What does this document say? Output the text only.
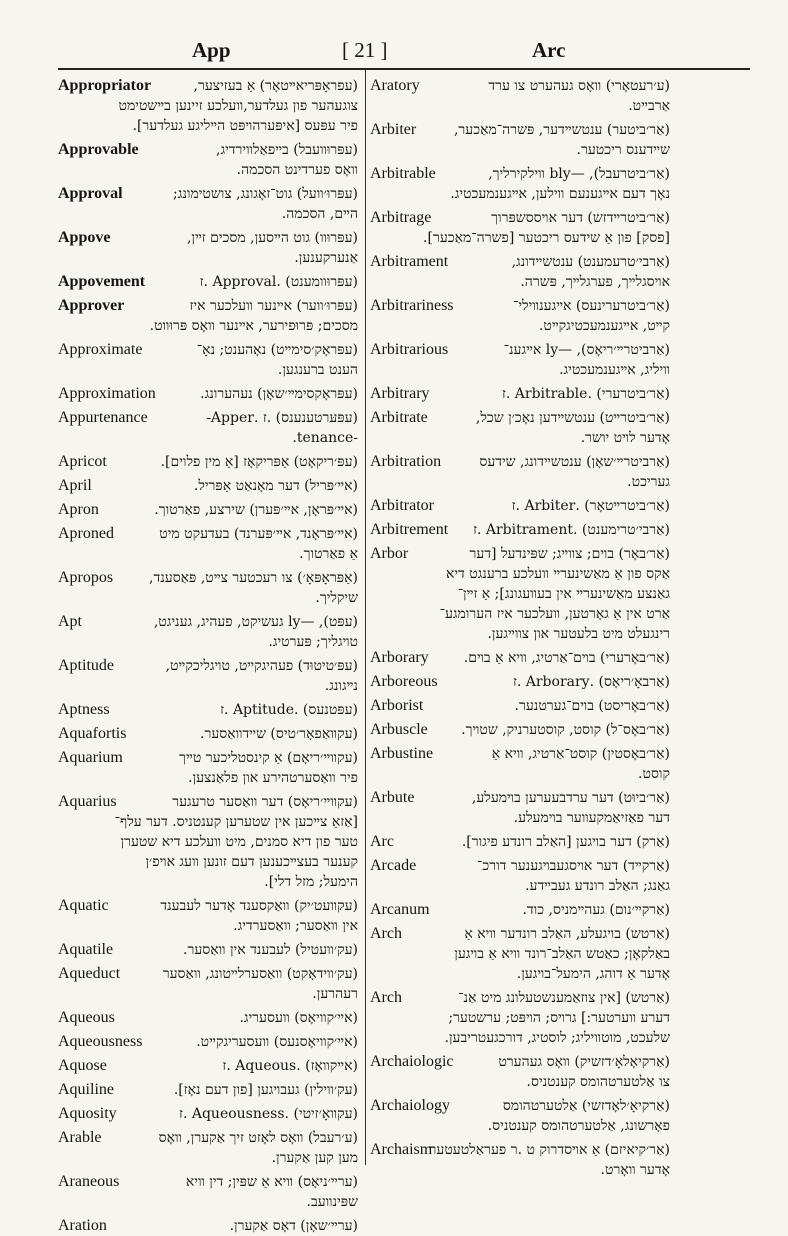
App	[ 21 ]	Arc
Appropriator	(עפראָפּריאײטאָר) אַ בעזיצער,
צוגעהער פון געלדער,װעלכע זיינען בײשטימט
פיר עפּעס [איפּערהױפּט הײליגע געלדער].
Approvable	(עפּרוּװעבל) בײפאַלװירדיג,
װאָס פערדינט הסכמה.
Approval	(עפּרוּ׳װעל) גוט־זאָגונג, צושטימונג;
הײם, הסכמה.
Appove	(עפּרוּװ) גוט הײסען, מסכים זײן,
אַנערקענען.
Appovement	(עפּרוּװמענט) .Approval .ז
Approver	(עפּרוּ׳װער) אײנער װעלכער איז
מסכים; פּרוּפירער, אײנער װאָס פּרוּװט.
Approximate	(עפּראָק׳סימײט) נאָהענט; נאָ־
הענט ברענגען.
Approximation	(עפּראָקסימײ׳שאָן) נעהערונג.
Appurtenance	(עפּעּרטענענס) .ז .Apper-
-tenance.
Apricot	(עפּ׳ריקאָט) אַפּריקאָז [אַ מין פלוים].
April	(אײ׳פּריל) דער מאָנאַט אַפּריל.
Apron	(אײ׳פּראָן, אײ׳פּערן) שירצע, פאַרטוך.
Aproned	(אײ׳פּראָנד, אײ׳פּערנד) בעדעקט מיט
אַ פאַרטוך.
Apropos	(אַפּראָפּאָ׳) צו רעכטער צײט, פּאַסענד,
שיקליך.
Apt	(עפּט), —ly געשיקט, פעהיג, געניגט,
טױגליך; פּערטיג.
Aptitude	(עפּ׳טיטוּד) פעהיגקײט, טױגליכקײט,
נײגונג.
Aptness	(עפּטנעס) .Aptitude .ז
Aquafortis	(עקװאַפאָר׳טיס) שײדװאַסער.
Aquarium	(עקװײ׳ריאָם) אַ קינסטליכער טײך
פיר װאַסערטהירע און פלאַנצען.
Aquarius	(עקװײ׳ריאָס) דער װאַסער טרעגער
[אַזאַ צײכען אין שטערען קענטניס. דער עלף־
טער פון דיא סמנים, מיט װעלכע דיא שטערן
קענער בעצײכענען דעם זונען װעג אױפ׳ן
הימעל; מזל דלי].
Aquatic	(עקװעט׳יק) װאַקסענד אָדער לעבענד
אין װאַסער; װאַסערדיג.
Aquatile	(עק׳װעטיל) לעבענד אין װאַסער.
Aqueduct	(עק׳װידאָקט) װאַסערלײטונג, װאַסער
רעהרען.
Aqueous	(אײ׳קװיאָס) װעסעריג.
Aqueousness	(אײ׳קװיאָסנעס) װעסעריגקײט.
Aquose	(אײקװאָז) .Aqueous .ז
Aquiline	(עק׳װילין) געבױגען [פון דעם נאָז].
Aquosity	(עקװאָ׳זיטי) .Aqueousness .ז
Arable	(ע׳רעבל) װאָס לאָזט זיך אַקערן, װאָס
מען קען אַקערן.
Araneous	(ערײ׳ניאָס) װיא אַ שפּין; דין װיא
שפּינװעב.
Aration	(ערײ׳שאָן) דאָס אַקערן.
Aratory	(ע׳רעטאָרי) װאָס געהערט צו ערד
אַרבײט.
Arbiter	(אַר׳ביטער) ענטשײדער, פּשרה־מאַכער,
שײדענס ריכטער.
Arbitrable	(אַר׳ביטרעבל), —bly װילקירליך,
נאָך דעם אײגענעם װילען, אײגענמעכטיג.
Arbitrage	(אַר׳ביטרײדזש) דער אױססשפּרוך
[פסק] פון אַ שידעס ריכטער [פשרה־מאַכער].
Arbitrament	(אַרבי׳טרעמענט) ענטשײדונג,
אױסגלײך, פערגלײך, פּשרה.
Arbitrariness	(אַר׳ביטרערינעס) אײגענװילי־
קײט, אײגענמעכטיגקײט.
Arbitrarious	(אַרביטרײ׳ריאָס), —ly אײגענ־
װיליג, אײגענמעכטיג.
Arbitrary	(אַר׳ביטרערי) .Arbitrable .ז
Arbitrate	(אַר׳ביטרײט) ענטשײדען נאָכ׳ן שכל,
אָדער לױט יושר.
Arbitration	(אַרביטרײ׳שאָן) ענטשײדונג, שידעס
געריכט.
Arbitrator	(אַר׳ביטרײטאָר) .Arbiter .ז
Arbitrement	(אַרבי׳טרימענט) .Arbitrament .ז
Arbor	(אַר׳באָר) בױם; צװײג; שפּינדעל [דער
אַקס פון אַ מאַשינערײ װעלכע ברענגט דיא
גאַנצע מאַשינערײ אין בעװעגונג]; אַ זײן־
אַרט אין אַ גאָרטען, װעלכער איז הערומגע־
רינגעלט מיט בלעטער און צװײגען.
Arborary	(אַר׳באָרערי) בױם־אַרטיג, װיא אַ בױם.
Arboreous	(אַרבאָ׳ריאָס) .Arborary .ז
Arborist	(אַר׳באָריסט) בױם־גערטנער.
Arbuscle	(אַר׳באָס־ל) קוסט, קוסטערניק, שטױך.
Arbustine	(אַר׳באָסטין) קוסט־אַרטיג, װיא אַ
קוסט.
Arbute	(אַר׳ביוּט) דער ערדבעערען בױמעלע,
דער פאַזיאַמקעװער בױמעלע.
Arc	(אַרק) דער בױגען [האַלב רונדע פיגור].
Arcade	(אַרקײד) דער אױסגעבױגענער דורכ־
גאַנג; האַלב רונדע געבײדע.
Arcanum	(אַרקײ׳נום) געהײמניס, כוד.
Arch	(אַרטש) בױגעלע, האַלב רונדער װיא אַ
באַלקאָן; כאַטש האַלב־רונד װיא אַ בױגען
אָדער אַ דוהג, הימעל־בױגען.
Arch	(אַרטש) [אין צוזאַמענשטעלונג מיט אַנ־
דערע װערטער:] גרױס; הױפּט; ערשטער;
שלעכט, מוטװיליג; לוסטיג, דורכגעטריבען.
Archaiologic	(אַרקיאָלאָ׳דזשיק) װאָס געהערט
צו אַלטערטהומס קענטניס.
Archaiology	(אַרקיאָ׳לאָדזשי) אַלטערטהומס
פאָרשונג, אַלטערטהומס קענטניס.
Archaism
(אַר׳קיאיזם) אַ אױסדרוק ט .ר פעראַלטעטער
אָדער װאָרט.
